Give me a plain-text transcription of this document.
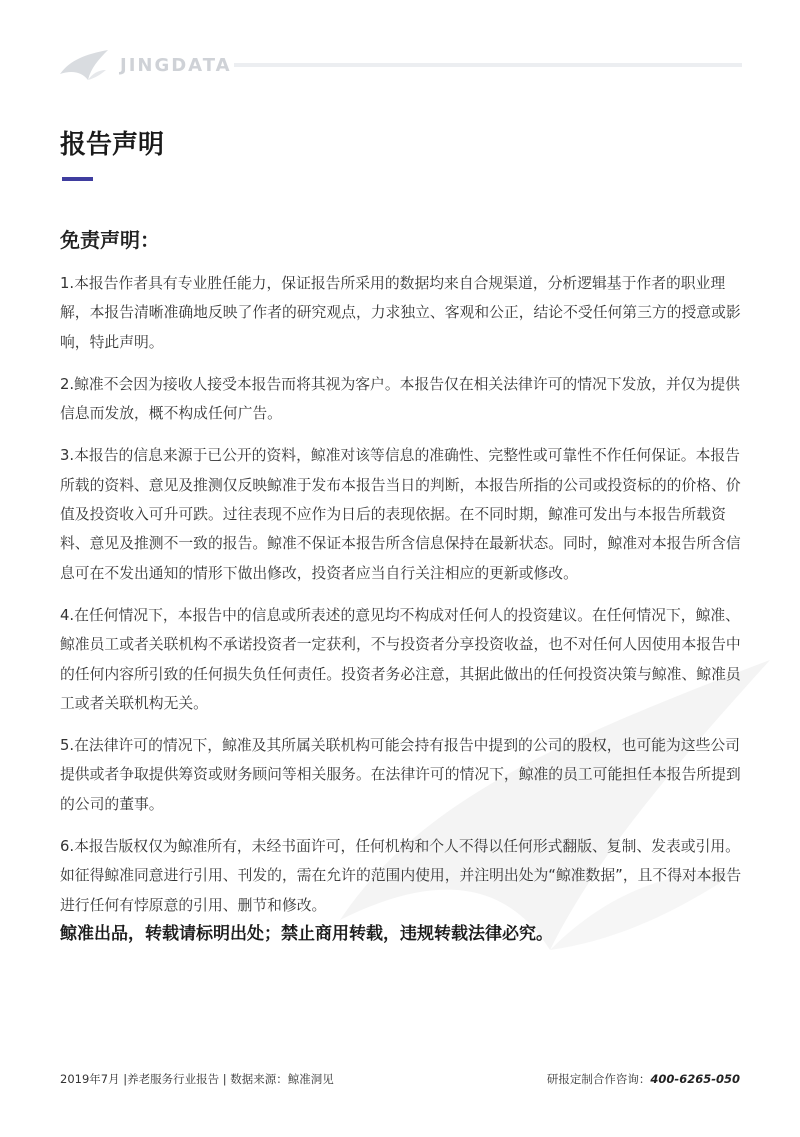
JINGDATA
报告声明
免责声明：

1.本报告作者具有专业胜任能力，保证报告所采用的数据均来自合规渠道，分析逻辑基于作者的职业理解，本报告清晰准确地反映了作者的研究观点，力求独立、客观和公正，结论不受任何第三方的授意或影响，特此声明。

2.鲸准不会因为接收人接受本报告而将其视为客户。本报告仅在相关法律许可的情况下发放，并仅为提供信息而发放，概不构成任何广告。

3.本报告的信息来源于已公开的资料，鲸准对该等信息的准确性、完整性或可靠性不作任何保证。本报告所载的资料、意见及推测仅反映鲸准于发布本报告当日的判断，本报告所指的公司或投资标的的价格、价值及投资收入可升可跌。过往表现不应作为日后的表现依据。在不同时期，鲸准可发出与本报告所载资料、意见及推测不一致的报告。鲸准不保证本报告所含信息保持在最新状态。同时，鲸准对本报告所含信息可在不发出通知的情形下做出修改，投资者应当自行关注相应的更新或修改。

4.在任何情况下，本报告中的信息或所表述的意见均不构成对任何人的投资建议。在任何情况下，鲸准、鲸准员工或者关联机构不承诺投资者一定获利，不与投资者分享投资收益，也不对任何人因使用本报告中的任何内容所引致的任何损失负任何责任。投资者务必注意，其据此做出的任何投资决策与鲸准、鲸准员工或者关联机构无关。

5.在法律许可的情况下，鲸准及其所属关联机构可能会持有报告中提到的公司的股权，也可能为这些公司提供或者争取提供筹资或财务顾问等相关服务。在法律许可的情况下，鲸准的员工可能担任本报告所提到的公司的董事。

6.本报告版权仅为鲸准所有，未经书面许可，任何机构和个人不得以任何形式翻版、复制、发表或引用。如征得鲸准同意进行引用、刊发的，需在允许的范围内使用，并注明出处为“鲸准数据”，且不得对本报告进行任何有悖原意的引用、删节和修改。

鲸准出品，转载请标明出处；禁止商用转载，违规转载法律必究。

2019年7月 |养老服务行业报告 | 数据来源：鲸准洞见	研报定制合作咨询：400-6265-050
